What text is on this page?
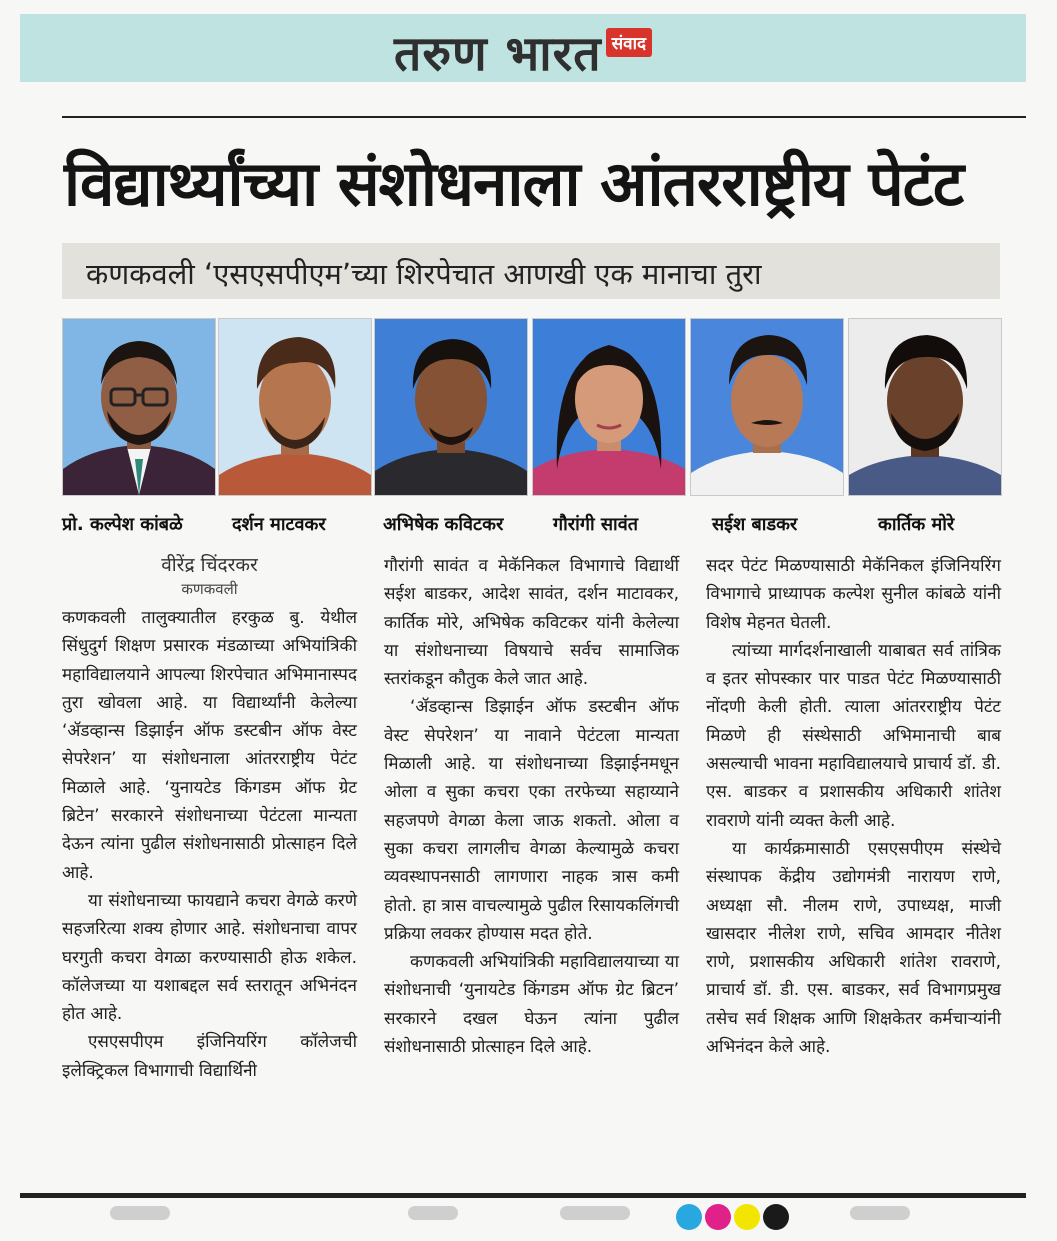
तरुण भारत संवाद
विद्यार्थ्यांच्या संशोधनाला आंतरराष्ट्रीय पेटंट
कणकवली ‘एसएसपीएम’च्या शिरपेचात आणखी एक मानाचा तुरा
प्रो. कल्पेश कांबळे	दर्शन माटवकर	अभिषेक कविटकर	गौरांगी सावंत	सईश बाडकर	कार्तिक मोरे

वीरेंद्र चिंदरकर

कणकवली

कणकवली तालुक्यातील हरकुळ बु. येथील सिंधुदुर्ग शिक्षण प्रसारक मंडळाच्या अभियांत्रिकी महाविद्यालयाने आपल्या शिरपेचात अभिमानास्पद तुरा खोवला आहे. या विद्यार्थ्यांनी केलेल्या ‘ॲडव्हान्स डिझाईन ऑफ डस्टबीन ऑफ वेस्ट सेपरेशन’ या संशोधनाला आंतरराष्ट्रीय पेटंट मिळाले आहे. ‘युनायटेड किंगडम ऑफ ग्रेट ब्रिटेन’ सरकारने संशोधनाच्या पेटंटला मान्यता देऊन त्यांना पुढील संशोधनासाठी प्रोत्साहन दिले आहे.

या संशोधनाच्या फायद्याने कचरा वेगळे करणे सहजरित्या शक्य होणार आहे. संशोधनाचा वापर घरगुती कचरा वेगळा करण्यासाठी होऊ शकेल. कॉलेजच्या या यशाबद्दल सर्व स्तरातून अभिनंदन होत आहे.

एसएसपीएम इंजिनियरिंग कॉलेजची इलेक्ट्रिकल विभागाची विद्यार्थिनी

गौरांगी सावंत व मेकॅनिकल विभागाचे विद्यार्थी सईश बाडकर, आदेश सावंत, दर्शन माटावकर, कार्तिक मोरे, अभिषेक कविटकर यांनी केलेल्या या संशोधनाच्या विषयाचे सर्वच सामाजिक स्तरांकडून कौतुक केले जात आहे.

‘ॲडव्हान्स डिझाईन ऑफ डस्टबीन ऑफ वेस्ट सेपरेशन’ या नावाने पेटंटला मान्यता मिळाली आहे. या संशोधनाच्या डिझाईनमधून ओला व सुका कचरा एका तरफेच्या सहाय्याने सहजपणे वेगळा केला जाऊ शकतो. ओला व सुका कचरा लागलीच वेगळा केल्यामुळे कचरा व्यवस्थापनसाठी लागणारा नाहक त्रास कमी होतो. हा त्रास वाचल्यामुळे पुढील रिसायकलिंगची प्रक्रिया लवकर होण्यास मदत होते.

कणकवली अभियांत्रिकी महाविद्यालयाच्या या संशोधनाची ‘युनायटेड किंगडम ऑफ ग्रेट ब्रिटन’ सरकारने दखल घेऊन त्यांना पुढील संशोधनासाठी प्रोत्साहन दिले आहे.

सदर पेटंट मिळण्यासाठी मेकॅनिकल इंजिनियरिंग विभागाचे प्राध्यापक कल्पेश सुनील कांबळे यांनी विशेष मेहनत घेतली.

त्यांच्या मार्गदर्शनाखाली याबाबत सर्व तांत्रिक व इतर सोपस्कार पार पाडत पेटंट मिळण्यासाठी नोंदणी केली होती. त्याला आंतरराष्ट्रीय पेटंट मिळणे ही संस्थेसाठी अभिमानाची बाब असल्याची भावना महाविद्यालयाचे प्राचार्य डॉ. डी. एस. बाडकर व प्रशासकीय अधिकारी शांतेश रावराणे यांनी व्यक्त केली आहे.

या कार्यक्रमासाठी एसएसपीएम संस्थेचे संस्थापक केंद्रीय उद्योगमंत्री नारायण राणे, अध्यक्षा सौ. नीलम राणे, उपाध्यक्ष, माजी खासदार नीलेश राणे, सचिव आमदार नीतेश राणे, प्रशासकीय अधिकारी शांतेश रावराणे, प्राचार्य डॉ. डी. एस. बाडकर, सर्व विभागप्रमुख तसेच सर्व शिक्षक आणि शिक्षकेतर कर्मचाऱ्यांनी अभिनंदन केले आहे.
